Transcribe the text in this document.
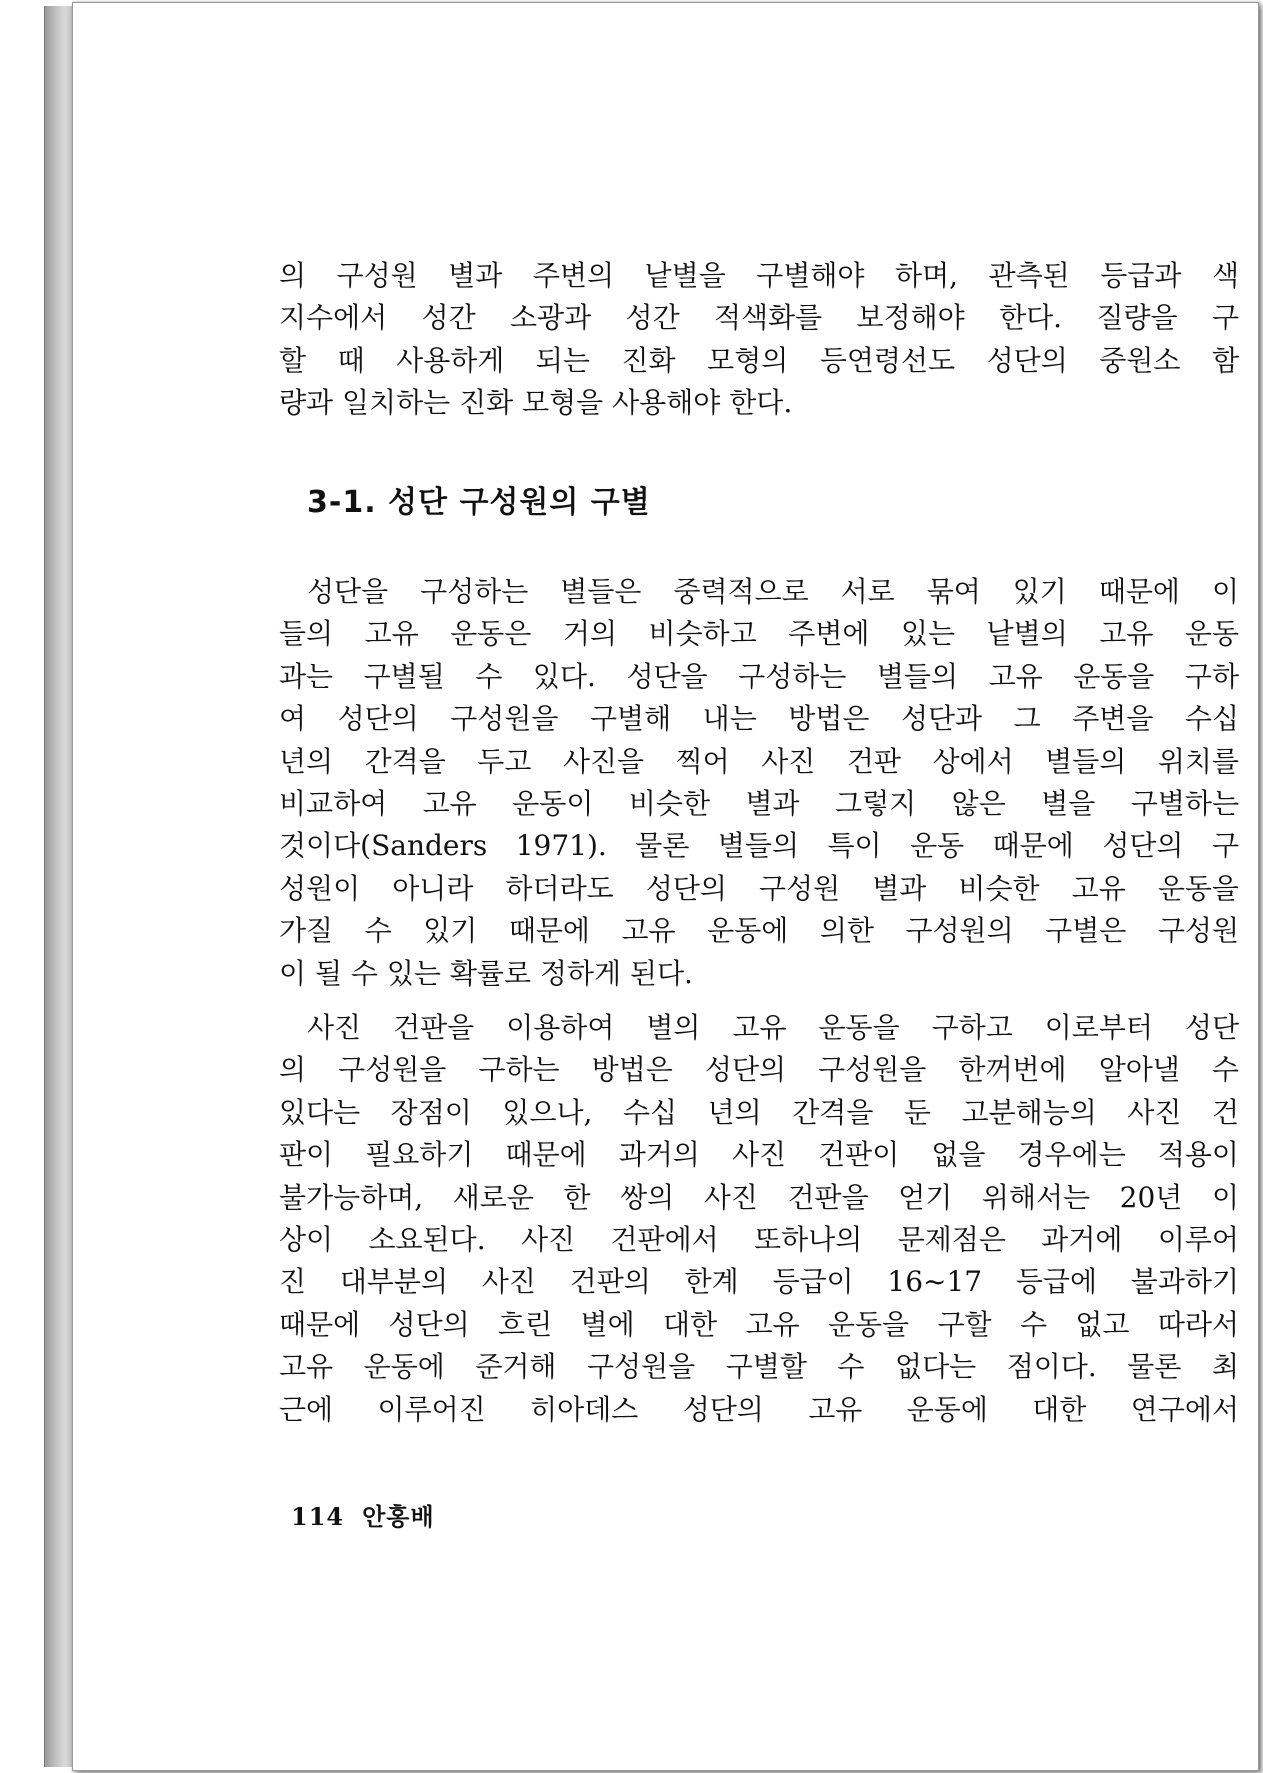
의 구성원 별과 주변의 낱별을 구별해야 하며, 관측된 등급과 색
지수에서 성간 소광과 성간 적색화를 보정해야 한다. 질량을 구
할 때 사용하게 되는 진화 모형의 등연령선도 성단의 중원소 함
량과 일치하는 진화 모형을 사용해야 한다.
3-1. 성단 구성원의 구별
성단을 구성하는 별들은 중력적으로 서로 묶여 있기 때문에 이
들의 고유 운동은 거의 비슷하고 주변에 있는 낱별의 고유 운동
과는 구별될 수 있다. 성단을 구성하는 별들의 고유 운동을 구하
여 성단의 구성원을 구별해 내는 방법은 성단과 그 주변을 수십
년의 간격을 두고 사진을 찍어 사진 건판 상에서 별들의 위치를
비교하여 고유 운동이 비슷한 별과 그렇지 않은 별을 구별하는
것이다(Sanders 1971). 물론 별들의 특이 운동 때문에 성단의 구
성원이 아니라 하더라도 성단의 구성원 별과 비슷한 고유 운동을
가질 수 있기 때문에 고유 운동에 의한 구성원의 구별은 구성원
이 될 수 있는 확률로 정하게 된다.
사진 건판을 이용하여 별의 고유 운동을 구하고 이로부터 성단
의 구성원을 구하는 방법은 성단의 구성원을 한꺼번에 알아낼 수
있다는 장점이 있으나, 수십 년의 간격을 둔 고분해능의 사진 건
판이 필요하기 때문에 과거의 사진 건판이 없을 경우에는 적용이
불가능하며, 새로운 한 쌍의 사진 건판을 얻기 위해서는 20년 이
상이 소요된다. 사진 건판에서 또하나의 문제점은 과거에 이루어
진 대부분의 사진 건판의 한계 등급이 16~17 등급에 불과하기
때문에 성단의 흐린 별에 대한 고유 운동을 구할 수 없고 따라서
고유 운동에 준거해 구성원을 구별할 수 없다는 점이다. 물론 최
근에 이루어진 히아데스 성단의 고유 운동에 대한 연구에서
114 안홍배
